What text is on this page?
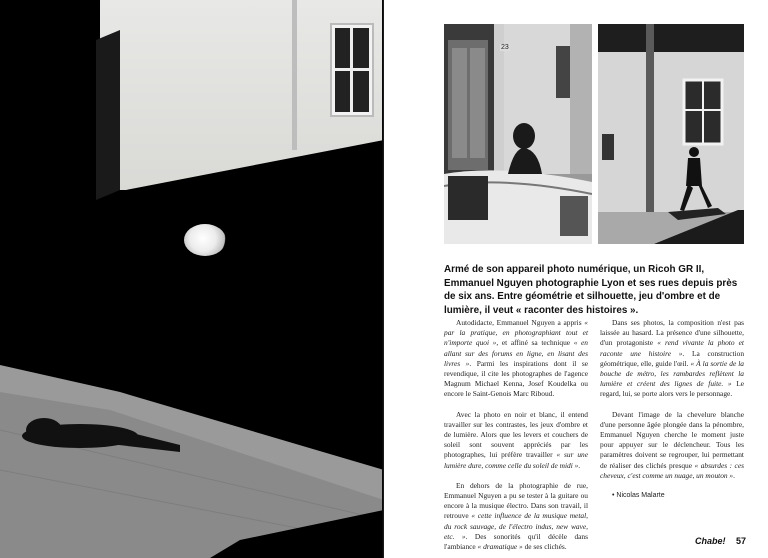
23

Armé de son appareil photo numérique, un Ricoh GR II, Emmanuel Nguyen photographie Lyon et ses rues depuis près de six ans. Entre géométrie et silhouette, jeu d'ombre et de lumière, il veut « raconter des histoires ».

Autodidacte, Emmanuel Nguyen a appris « par la pratique, en photographiant tout et n'importe quoi », et affiné sa technique « en allant sur des forums en ligne, en lisant des livres ». Parmi les inspirations dont il se revendique, il cite les photographes de l'agence Magnum Michael Kenna, Josef Koudelka ou encore le Saint-Genois Marc Riboud.

Avec la photo en noir et blanc, il entend travailler sur les contrastes, les jeux d'ombre et de lumière. Alors que les levers et couchers de soleil sont souvent appréciés par les photographes, lui préfère travailler « sur une lumière dure, comme celle du soleil de midi ».

En dehors de la photographie de rue, Emmanuel Nguyen a pu se tester à la guitare ou encore à la musique électro. Dans son travail, il retrouve « cette influence de la musique metal, du rock sauvage, de l'électro indus, new wave, etc. ». Des sonorités qu'il décèle dans l'ambiance « dramatique » de ses clichés.

Dans ses photos, la composition n'est pas laissée au hasard. La présence d'une silhouette, d'un protagoniste « rend vivante la photo et raconte une histoire ». La construction géométrique, elle, guide l'œil. « À la sortie de la bouche de métro, les rambardes reflètent la lumière et créent des lignes de fuite. » Le regard, lui, se porte alors vers le personnage.

Devant l'image de la chevelure blanche d'une personne âgée plongée dans la pénombre, Emmanuel Nguyen cherche le moment juste pour appuyer sur le déclencheur. Tous les paramètres doivent se regrouper, lui permettant de réaliser des clichés presque « absurdes : ces cheveux, c'est comme un nuage, un mouton ».

• Nicolas Malarte

Chabe! 57
